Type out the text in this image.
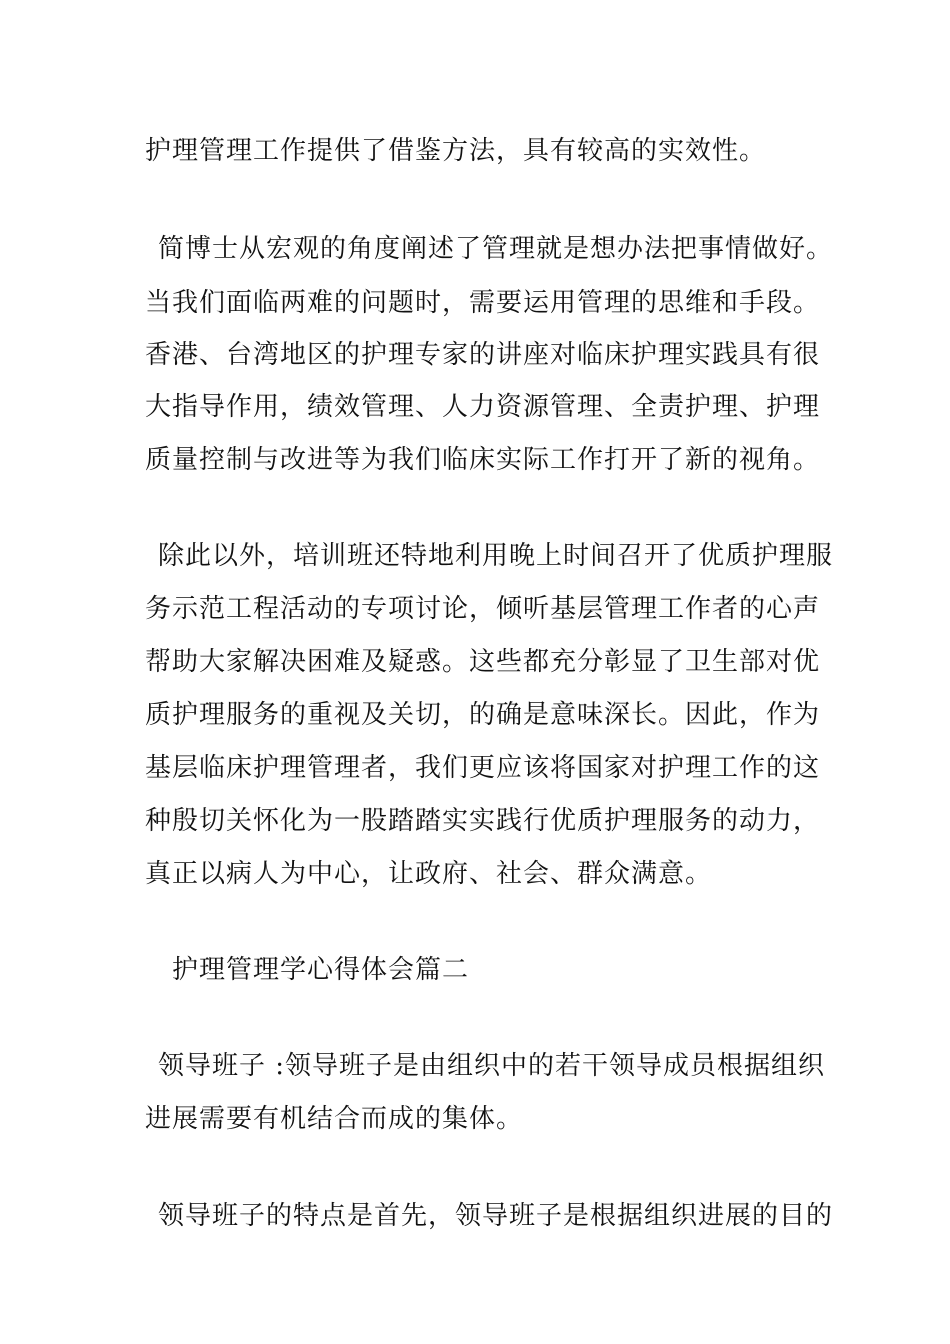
护理管理工作提供了借鉴方法，具有较高的实效性。

简博士从宏观的角度阐述了管理就是想办法把事情做好。

当我们面临两难的问题时，需要运用管理的思维和手段。

香港、台湾地区的护理专家的讲座对临床护理实践具有很

大指导作用，绩效管理、人力资源管理、全责护理、护理

质量控制与改进等为我们临床实际工作打开了新的视角。

除此以外，培训班还特地利用晚上时间召开了优质护理服

务示范工程活动的专项讨论，倾听基层管理工作者的心声

帮助大家解决困难及疑惑。这些都充分彰显了卫生部对优

质护理服务的重视及关切，的确是意味深长。因此，作为

基层临床护理管理者，我们更应该将国家对护理工作的这

种殷切关怀化为一股踏踏实实践行优质护理服务的动力，

真正以病人为中心，让政府、社会、群众满意。

护理管理学心得体会篇二

领导班子 :领导班子是由组织中的若干领导成员根据组织

进展需要有机结合而成的集体。

领导班子的特点是首先，领导班子是根据组织进展的目的
